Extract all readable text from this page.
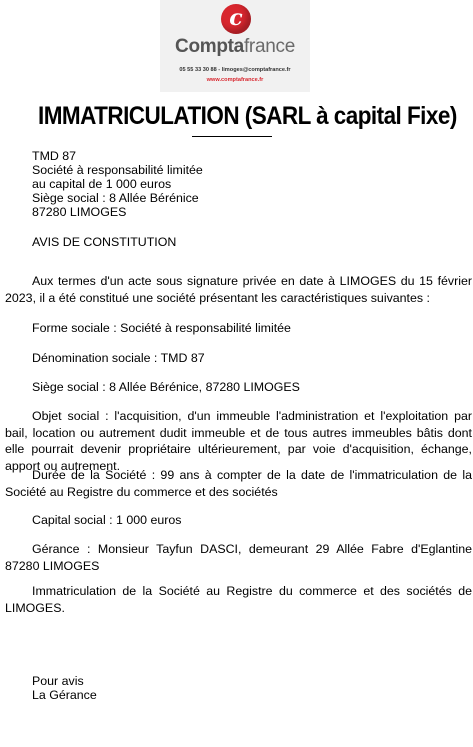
c
Comptafrance
05 55 33 30 88 - limoges@comptafrance.fr
www.comptafrance.fr
IMMATRICULATION (SARL à capital Fixe)
TMD 87
Société à responsabilité limitée
au capital de 1 000 euros
Siège social : 8 Allée Bérénice
87280 LIMOGES
AVIS DE CONSTITUTION
Aux termes d'un acte sous signature privée en date à LIMOGES du 15 février 2023, il a été constitué une société présentant les caractéristiques suivantes :
Forme sociale : Société à responsabilité limitée
Dénomination sociale : TMD 87
Siège social : 8 Allée Bérénice, 87280 LIMOGES
Objet social : l'acquisition, d'un immeuble l'administration et l'exploitation par bail, location ou autrement dudit immeuble et de tous autres immeubles bâtis dont elle pourrait devenir propriétaire ultérieurement, par voie d'acquisition, échange, apport ou autrement.
Durée de la Société : 99 ans à compter de la date de l'immatriculation de la Société au Registre du commerce et des sociétés
Capital social : 1 000 euros
Gérance : Monsieur Tayfun DASCI, demeurant 29 Allée Fabre d'Eglantine 87280 LIMOGES
Immatriculation de la Société au Registre du commerce et des sociétés de LIMOGES.
Pour avis
La Gérance
